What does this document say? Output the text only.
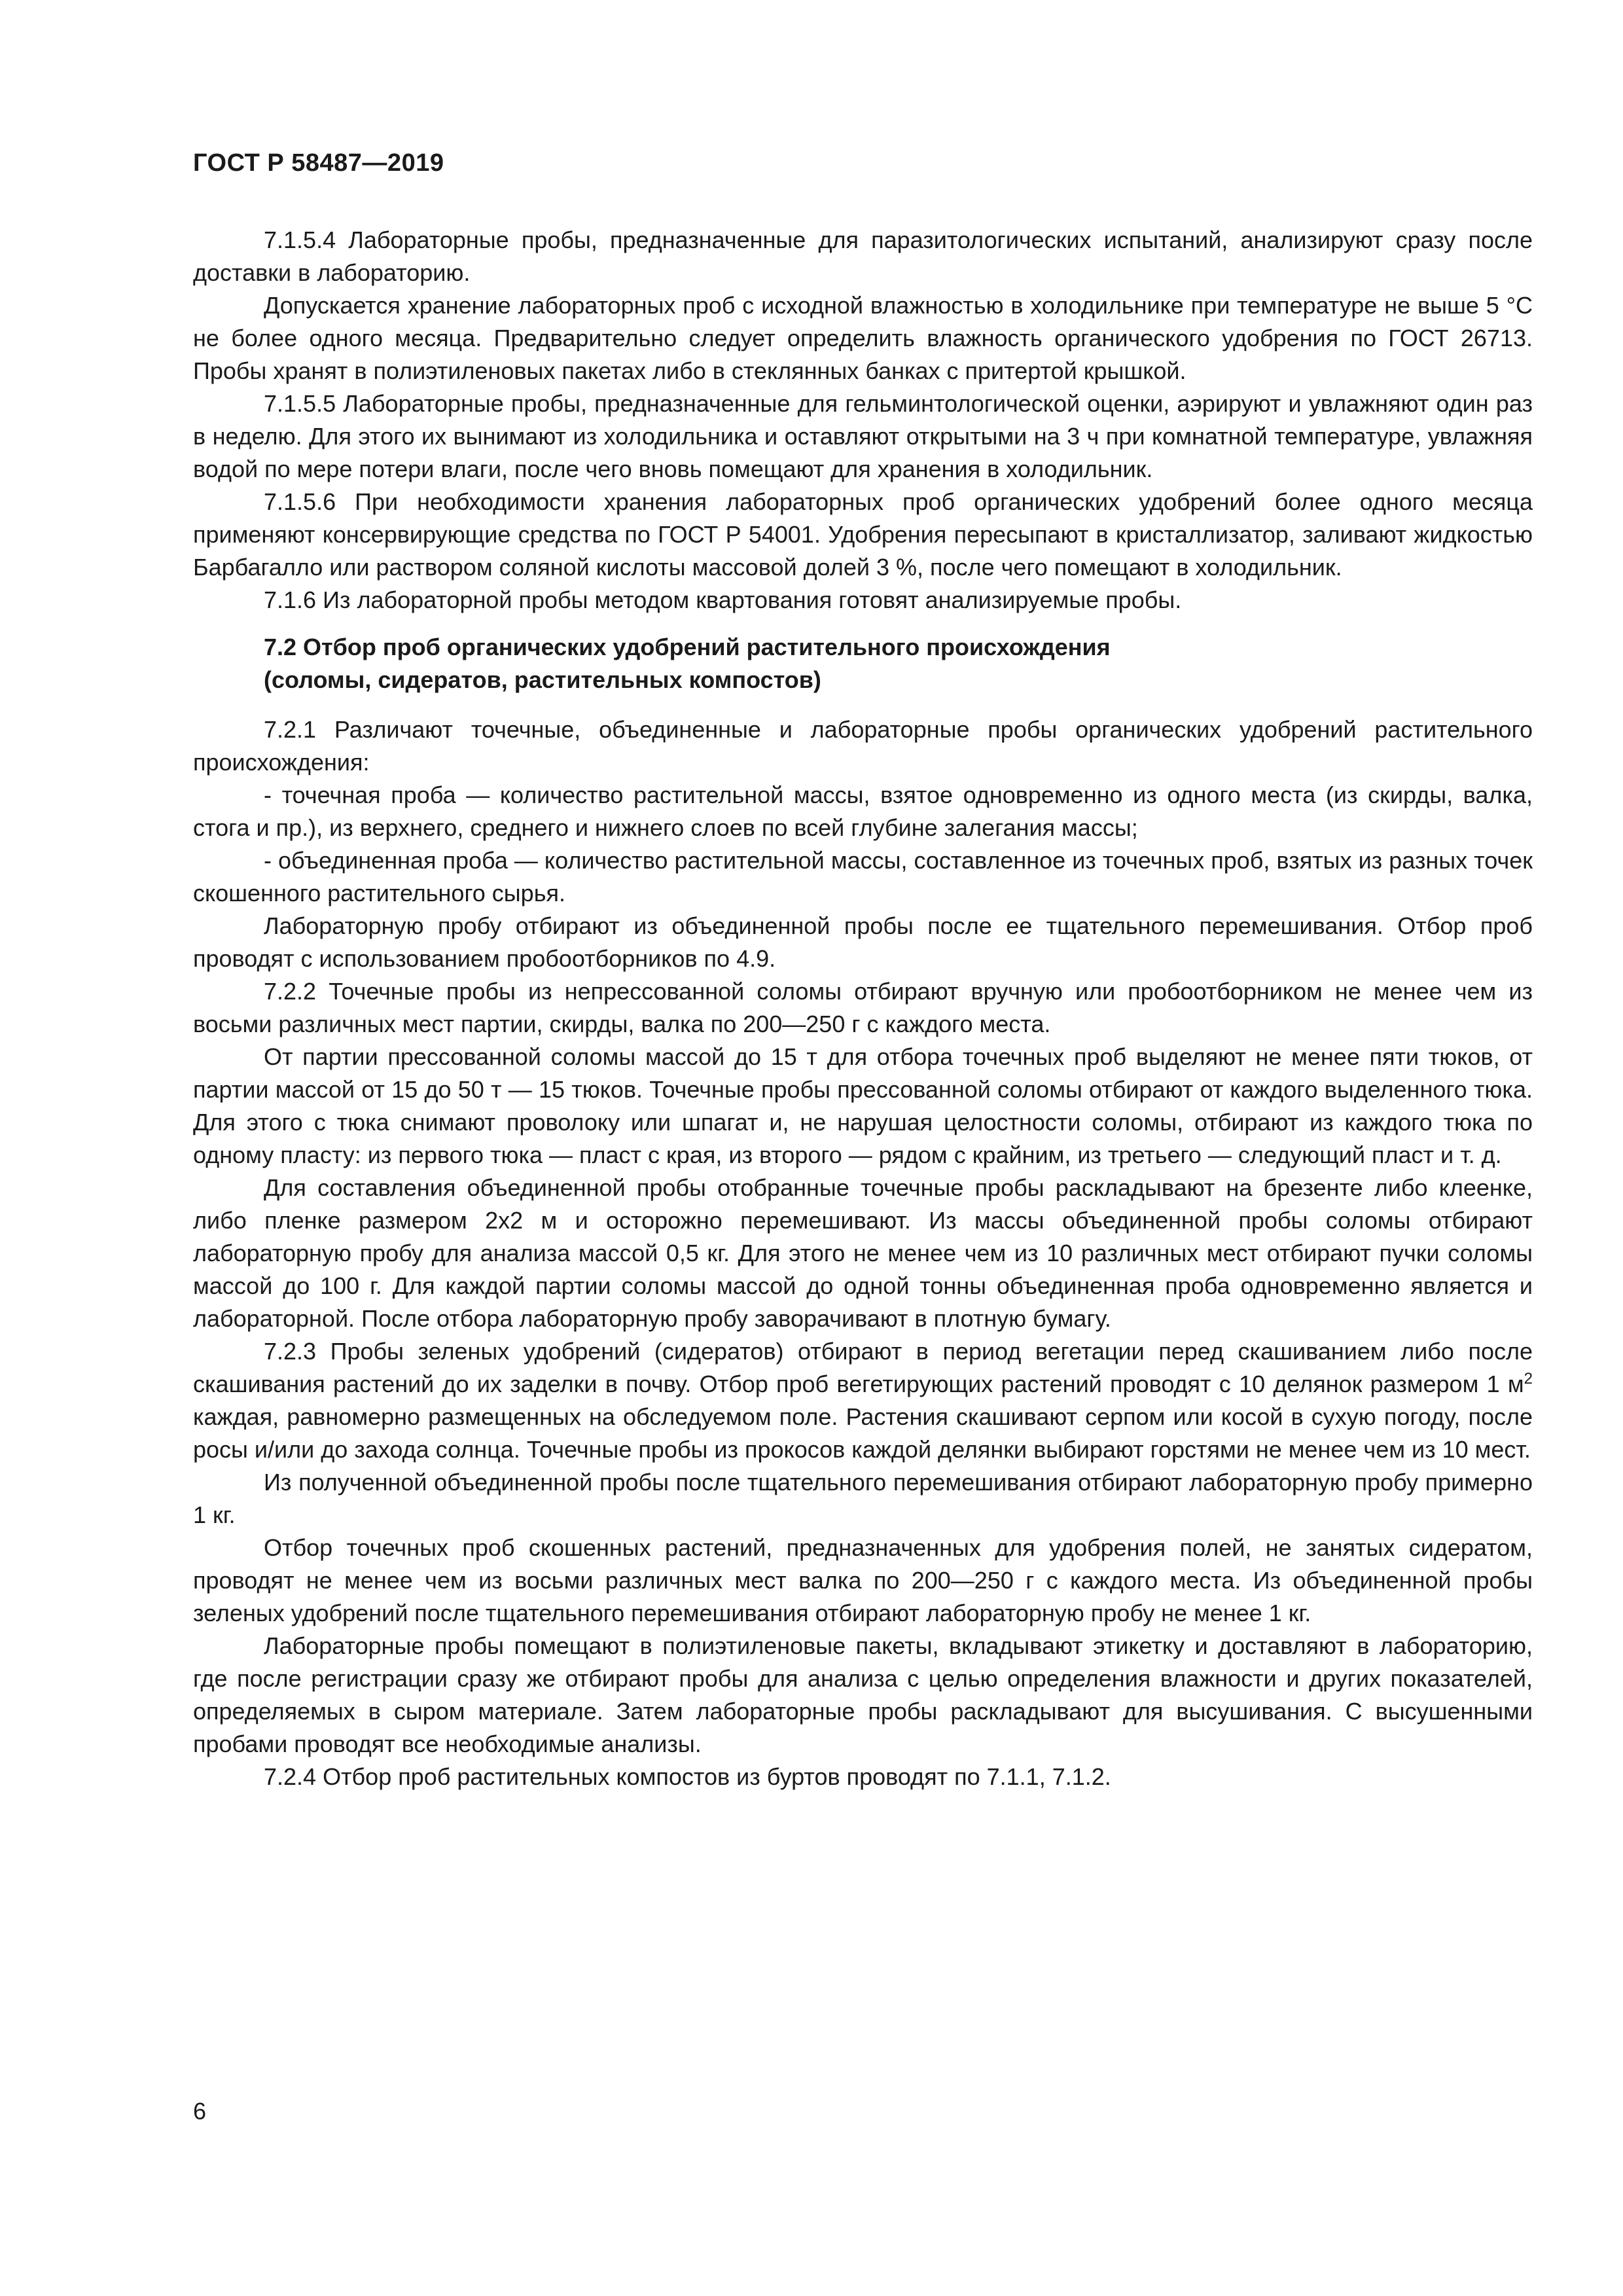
ГОСТ Р 58487—2019

7.1.5.4 Лабораторные пробы, предназначенные для паразитологических испытаний, анализируют сразу после доставки в лабораторию.

Допускается хранение лабораторных проб с исходной влажностью в холодильнике при температуре не выше 5 °С не более одного месяца. Предварительно следует определить влажность органического удобрения по ГОСТ 26713. Пробы хранят в полиэтиленовых пакетах либо в стеклянных банках с притертой крышкой.

7.1.5.5 Лабораторные пробы, предназначенные для гельминтологической оценки, аэрируют и увлажняют один раз в неделю. Для этого их вынимают из холодильника и оставляют открытыми на 3 ч при комнатной температуре, увлажняя водой по мере потери влаги, после чего вновь помещают для хранения в холодильник.

7.1.5.6 При необходимости хранения лабораторных проб органических удобрений более одного месяца применяют консервирующие средства по ГОСТ Р 54001. Удобрения пересыпают в кристаллизатор, заливают жидкостью Барбагалло или раствором соляной кислоты массовой долей 3 %, после чего помещают в холодильник.

7.1.6 Из лабораторной пробы методом квартования готовят анализируемые пробы.

7.2 Отбор проб органических удобрений растительного происхождения
(соломы, сидератов, растительных компостов)

7.2.1 Различают точечные, объединенные и лабораторные пробы органических удобрений растительного происхождения:

- точечная проба — количество растительной массы, взятое одновременно из одного места (из скирды, валка, стога и пр.), из верхнего, среднего и нижнего слоев по всей глубине залегания массы;

- объединенная проба — количество растительной массы, составленное из точечных проб, взятых из разных точек скошенного растительного сырья.

Лабораторную пробу отбирают из объединенной пробы после ее тщательного перемешивания. Отбор проб проводят с использованием пробоотборников по 4.9.

7.2.2 Точечные пробы из непрессованной соломы отбирают вручную или пробоотборником не менее чем из восьми различных мест партии, скирды, валка по 200—250 г с каждого места.

От партии прессованной соломы массой до 15 т для отбора точечных проб выделяют не менее пяти тюков, от партии массой от 15 до 50 т — 15 тюков. Точечные пробы прессованной соломы отбирают от каждого выделенного тюка. Для этого с тюка снимают проволоку или шпагат и, не нарушая целостности соломы, отбирают из каждого тюка по одному пласту: из первого тюка — пласт с края, из второго — рядом с крайним, из третьего — следующий пласт и т. д.

Для составления объединенной пробы отобранные точечные пробы раскладывают на брезенте либо клеенке, либо пленке размером 2х2 м и осторожно перемешивают. Из массы объединенной пробы соломы отбирают лабораторную пробу для анализа массой 0,5 кг. Для этого не менее чем из 10 различных мест отбирают пучки соломы массой до 100 г. Для каждой партии соломы массой до одной тонны объединенная проба одновременно является и лабораторной. После отбора лабораторную пробу заворачивают в плотную бумагу.

7.2.3 Пробы зеленых удобрений (сидератов) отбирают в период вегетации перед скашиванием либо после скашивания растений до их заделки в почву. Отбор проб вегетирующих растений проводят с 10 делянок размером 1 $м^2$ каждая, равномерно размещенных на обследуемом поле. Растения скашивают серпом или косой в сухую погоду, после росы и/или до захода солнца. Точечные пробы из прокосов каждой делянки выбирают горстями не менее чем из 10 мест.

Из полученной объединенной пробы после тщательного перемешивания отбирают лабораторную пробу примерно 1 кг.

Отбор точечных проб скошенных растений, предназначенных для удобрения полей, не занятых сидератом, проводят не менее чем из восьми различных мест валка по 200—250 г с каждого места. Из объединенной пробы зеленых удобрений после тщательного перемешивания отбирают лабораторную пробу не менее 1 кг.

Лабораторные пробы помещают в полиэтиленовые пакеты, вкладывают этикетку и доставляют в лабораторию, где после регистрации сразу же отбирают пробы для анализа с целью определения влажности и других показателей, определяемых в сыром материале. Затем лабораторные пробы раскладывают для высушивания. С высушенными пробами проводят все необходимые анализы.

7.2.4 Отбор проб растительных компостов из буртов проводят по 7.1.1, 7.1.2.

6
